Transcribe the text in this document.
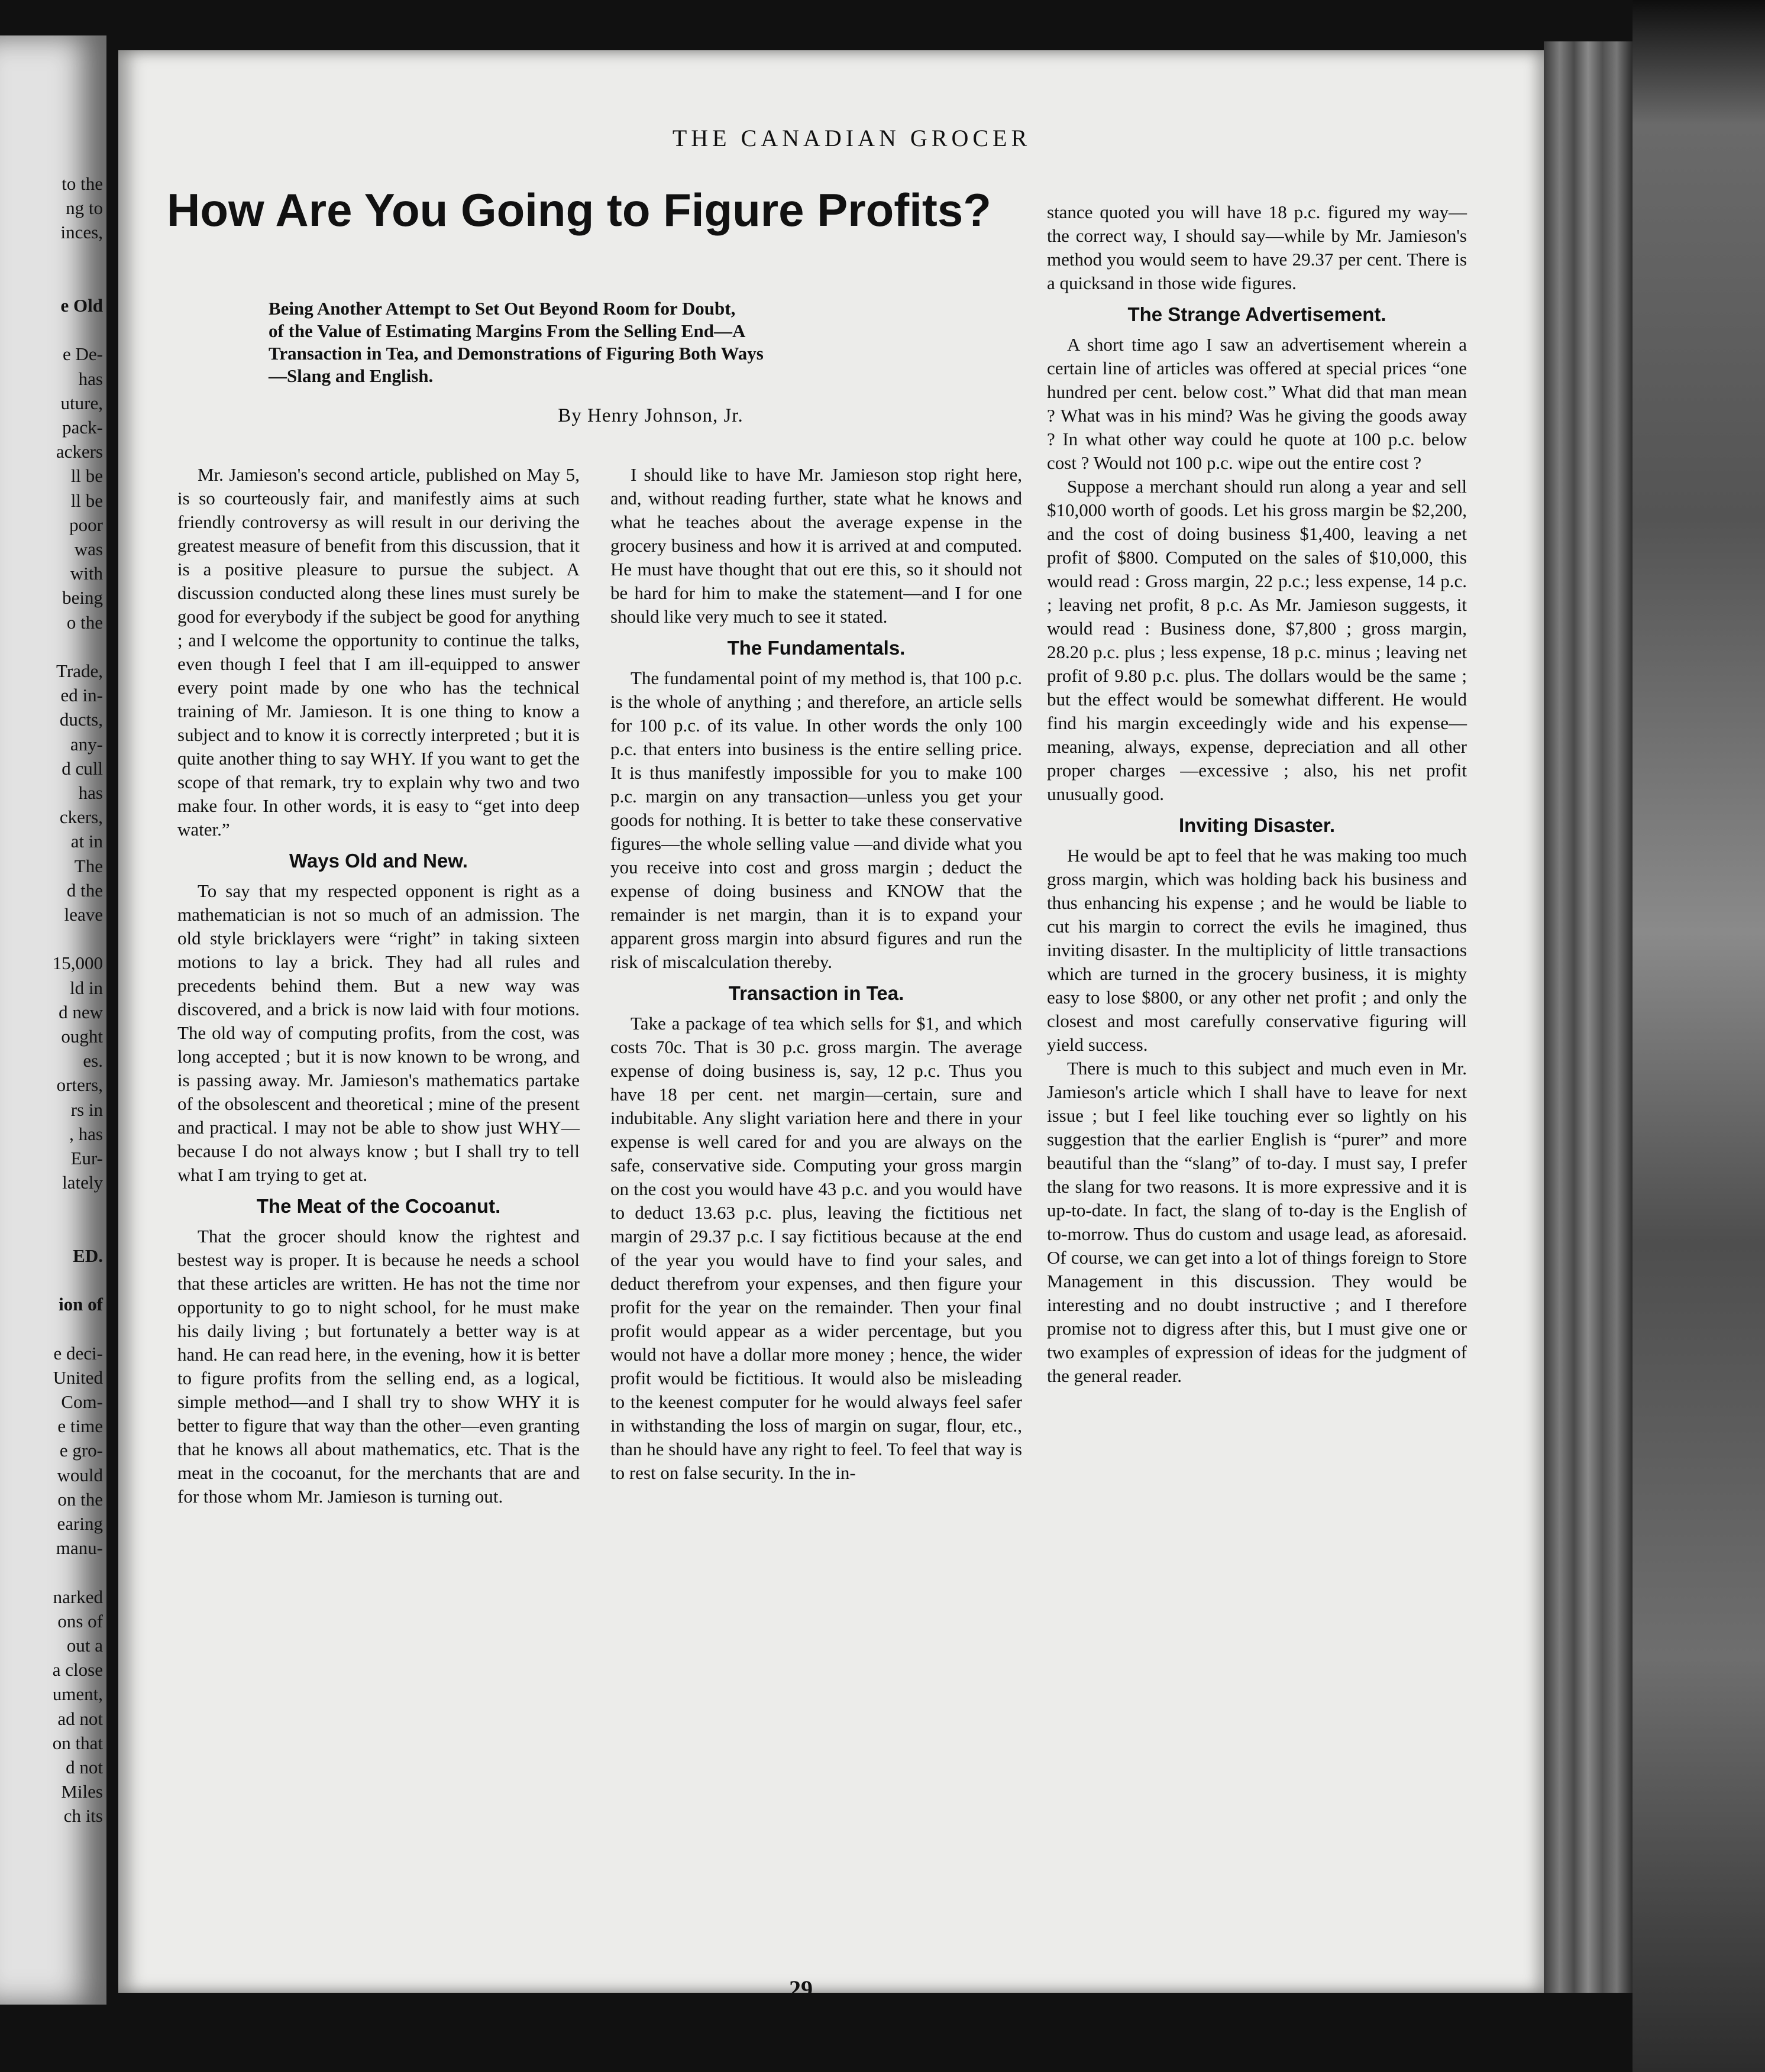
to the
ng to
inces,
e Old
e De-
has
uture,
pack-
ackers
ll be
ll be
poor
was
with
being
o the
Trade,
ed in-
ducts,
any-
d cull
has
ckers,
at in
The
d the
leave
15,000
ld in
d new
ought
es.
orters,
rs in
, has
Eur-
lately
ED.
ion of
e deci-
United
Com-
e time
e gro-
would
on the
earing
manu-
narked
ons of
out a
a close
ument,
ad not
on that
d not
Miles
ch its
THE CANADIAN GROCER
How Are You Going to Figure Profits?
Being Another Attempt to Set Out Beyond Room for Doubt,
of the Value of Estimating Margins From the Selling End—A
Transaction in Tea, and Demonstrations of Figuring Both Ways
—Slang and English.
By Henry Johnson, Jr.

Mr. Jamieson's second article, published on May 5, is so courteously fair, and manifestly aims at such friendly controversy as will result in our deriving the greatest measure of benefit from this discussion, that it is a positive pleasure to pursue the subject. A discussion conducted along these lines must surely be good for everybody if the subject be good for anything ; and I welcome the opportunity to continue the talks, even though I feel that I am ill-equipped to answer every point made by one who has the technical training of Mr. Jamieson. It is one thing to know a subject and to know it is correctly interpreted ; but it is quite another thing to say WHY. If you want to get the scope of that remark, try to explain why two and two make four. In other words, it is easy to “get into deep water.”

Ways Old and New.

To say that my respected opponent is right as a mathematician is not so much of an admission. The old style bricklayers were “right” in taking sixteen motions to lay a brick. They had all rules and precedents behind them. But a new way was discovered, and a brick is now laid with four motions. The old way of computing profits, from the cost, was long accepted ; but it is now known to be wrong, and is passing away. Mr. Jamieson's mathematics partake of the obsolescent and theoretical ; mine of the present and practical. I may not be able to show just WHY—because I do not always know ; but I shall try to tell what I am trying to get at.

The Meat of the Cocoanut.

That the grocer should know the rightest and bestest way is proper. It is because he needs a school that these articles are written. He has not the time nor opportunity to go to night school, for he must make his daily living ; but fortunately a better way is at hand. He can read here, in the evening, how it is better to figure profits from the selling end, as a logical, simple method—and I shall try to show WHY it is better to figure that way than the other—even granting that he knows all about mathematics, etc. That is the meat in the cocoanut, for the merchants that are and for those whom Mr. Jamieson is turning out.

I should like to have Mr. Jamieson stop right here, and, without reading further, state what he knows and what he teaches about the average expense in the grocery business and how it is arrived at and computed. He must have thought that out ere this, so it should not be hard for him to make the statement—and I for one should like very much to see it stated.

The Fundamentals.

The fundamental point of my method is, that 100 p.c. is the whole of anything ; and therefore, an article sells for 100 p.c. of its value. In other words the only 100 p.c. that enters into business is the entire selling price. It is thus manifestly impossible for you to make 100 p.c. margin on any transaction—unless you get your goods for nothing. It is better to take these conservative figures—the whole selling value —and divide what you you receive into cost and gross margin ; deduct the expense of doing business and KNOW that the remainder is net margin, than it is to expand your apparent gross margin into absurd figures and run the risk of miscalculation thereby.

Transaction in Tea.

Take a package of tea which sells for $1, and which costs 70c. That is 30 p.c. gross margin. The average expense of doing business is, say, 12 p.c. Thus you have 18 per cent. net margin—certain, sure and indubitable. Any slight variation here and there in your expense is well cared for and you are always on the safe, conservative side. Computing your gross margin on the cost you would have 43 p.c. and you would have to deduct 13.63 p.c. plus, leaving the fictitious net margin of 29.37 p.c. I say fictitious because at the end of the year you would have to find your sales, and deduct therefrom your expenses, and then figure your profit for the year on the remainder. Then your final profit would appear as a wider percentage, but you would not have a dollar more money ; hence, the wider profit would be fictitious. It would also be misleading to the keenest computer for he would always feel safer in withstanding the loss of margin on sugar, flour, etc., than he should have any right to feel. To feel that way is to rest on false security. In the in-

stance quoted you will have 18 p.c. figured my way—the correct way, I should say—while by Mr. Jamieson's method you would seem to have 29.37 per cent. There is a quicksand in those wide figures.

The Strange Advertisement.

A short time ago I saw an advertisement wherein a certain line of articles was offered at special prices “one hundred per cent. below cost.” What did that man mean ? What was in his mind? Was he giving the goods away ? In what other way could he quote at 100 p.c. below cost ? Would not 100 p.c. wipe out the entire cost ?

Suppose a merchant should run along a year and sell $10,000 worth of goods. Let his gross margin be $2,200, and the cost of doing business $1,400, leaving a net profit of $800. Computed on the sales of $10,000, this would read : Gross margin, 22 p.c.; less expense, 14 p.c. ; leaving net profit, 8 p.c. As Mr. Jamieson suggests, it would read : Business done, $7,800 ; gross margin, 28.20 p.c. plus ; less expense, 18 p.c. minus ; leaving net profit of 9.80 p.c. plus. The dollars would be the same ; but the effect would be somewhat different. He would find his margin exceedingly wide and his expense—meaning, always, expense, depreciation and all other proper charges —excessive ; also, his net profit unusually good.

Inviting Disaster.

He would be apt to feel that he was making too much gross margin, which was holding back his business and thus enhancing his expense ; and he would be liable to cut his margin to correct the evils he imagined, thus inviting disaster. In the multiplicity of little transactions which are turned in the grocery business, it is mighty easy to lose $800, or any other net profit ; and only the closest and most carefully conservative figuring will yield success.

There is much to this subject and much even in Mr. Jamieson's article which I shall have to leave for next issue ; but I feel like touching ever so lightly on his suggestion that the earlier English is “purer” and more beautiful than the “slang” of to-day. I must say, I prefer the slang for two reasons. It is more expressive and it is up-to-date. In fact, the slang of to-day is the English of to-morrow. Thus do custom and usage lead, as aforesaid. Of course, we can get into a lot of things foreign to Store Management in this discussion. They would be interesting and no doubt instructive ; and I therefore promise not to digress after this, but I must give one or two examples of expression of ideas for the judgment of the general reader.

29
